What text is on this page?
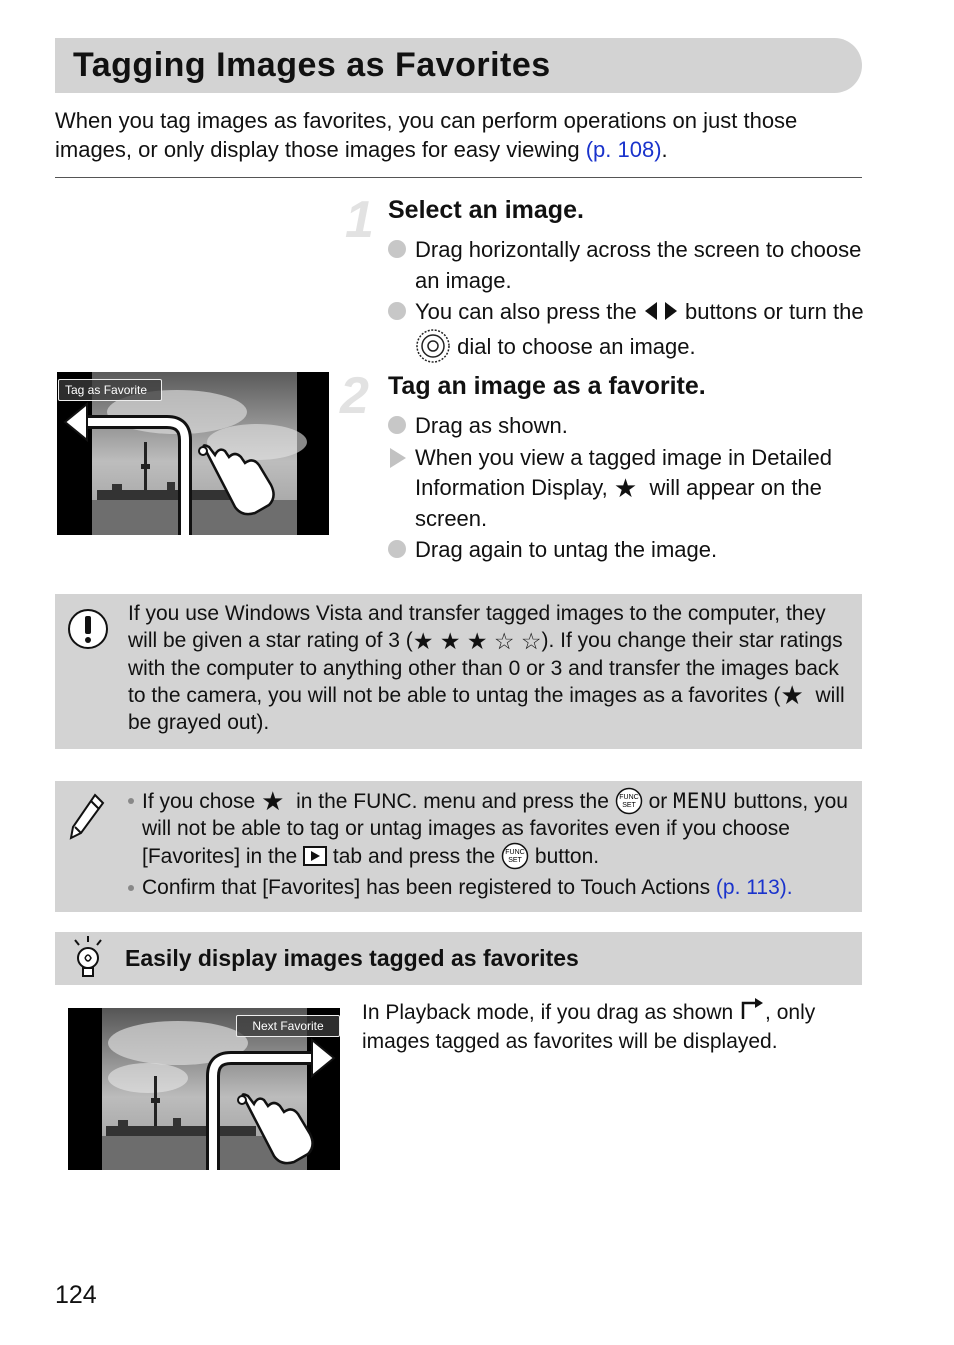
Tagging Images as Favorites
When you tag images as favorites, you can perform operations on just those images, or only display those images for easy viewing (p. 108).
1 Select an image.
Drag horizontally across the screen to choose an image.
You can also press the buttons or turn the  dial to choose an image.
Tag as Favorite	2 Tag an image as a favorite.
Drag as shown.
When you view a tagged image in Detailed Information Display, ★ will appear on the screen.
Drag again to untag the image.
If you use Windows Vista and transfer tagged images to the computer, they will be given a star rating of 3 (★ ★ ★ ☆ ☆). If you change their star ratings with the computer to anything other than 0 or 3 and transfer the images back to the camera, you will not be able to untag the images as a favorites (★ will be grayed out).
If you chose ★ in the FUNC. menu and press the FUNC
SET or MENU buttons, you will not be able to tag or untag images as favorites even if you choose [Favorites] in the tab and press the FUNC
SET button.
Confirm that [Favorites] has been registered to Touch Actions (p. 113).
Easily display images tagged as favorites
Next Favorite
In Playback mode, if you drag as shown , only images tagged as favorites will be displayed.
124
